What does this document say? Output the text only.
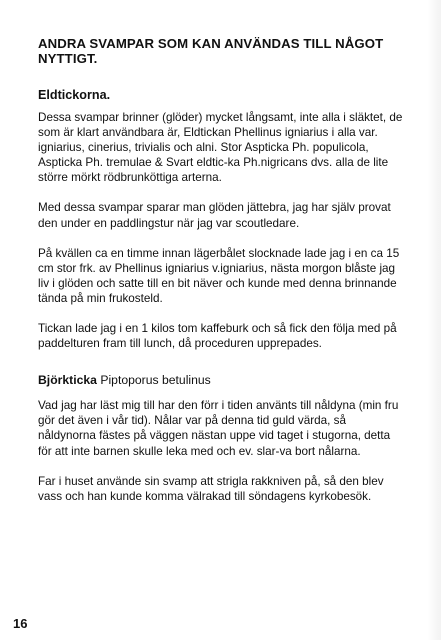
ANDRA SVAMPAR SOM KAN ANVÄNDAS TILL NÅGOT NYTTIGT.
Eldtickorna.

Dessa svampar brinner (glöder) mycket långsamt, inte alla i släktet, de som är klart användbara är, Eldtickan Phellinus igniarius i alla var. igniarius, cinerius, trivialis och alni. Stor Aspticka Ph. populicola, Aspticka Ph. tremulae & Svart eldtic-ka Ph.nigricans dvs. alla de lite större mörkt rödbrunköttiga arterna.

Med dessa svampar sparar man glöden jättebra, jag har själv provat den under en paddlingstur när jag var scoutledare.

På kvällen ca en timme innan lägerbålet slocknade lade jag i en ca 15 cm stor frk. av Phellinus igniarius v.igniarius, nästa morgon blåste jag liv i glöden och satte till en bit näver och kunde med denna brinnande tända på min frukosteld.

Tickan lade jag i en 1 kilos tom kaffeburk och så fick den följa med på paddelturen fram till lunch, då proceduren upprepades.

Björkticka Piptoporus betulinus

Vad jag har läst mig till har den förr i tiden använts till nåldyna (min fru gör det även i vår tid). Nålar var på denna tid guld värda, så nåldynorna fästes på väggen nästan uppe vid taget i stugorna, detta för att inte barnen skulle leka med och ev. slar-va bort nålarna.

Far i huset använde sin svamp att strigla rakkniven på, så den blev vass och han kunde komma välrakad till söndagens kyrkobesök.

16
